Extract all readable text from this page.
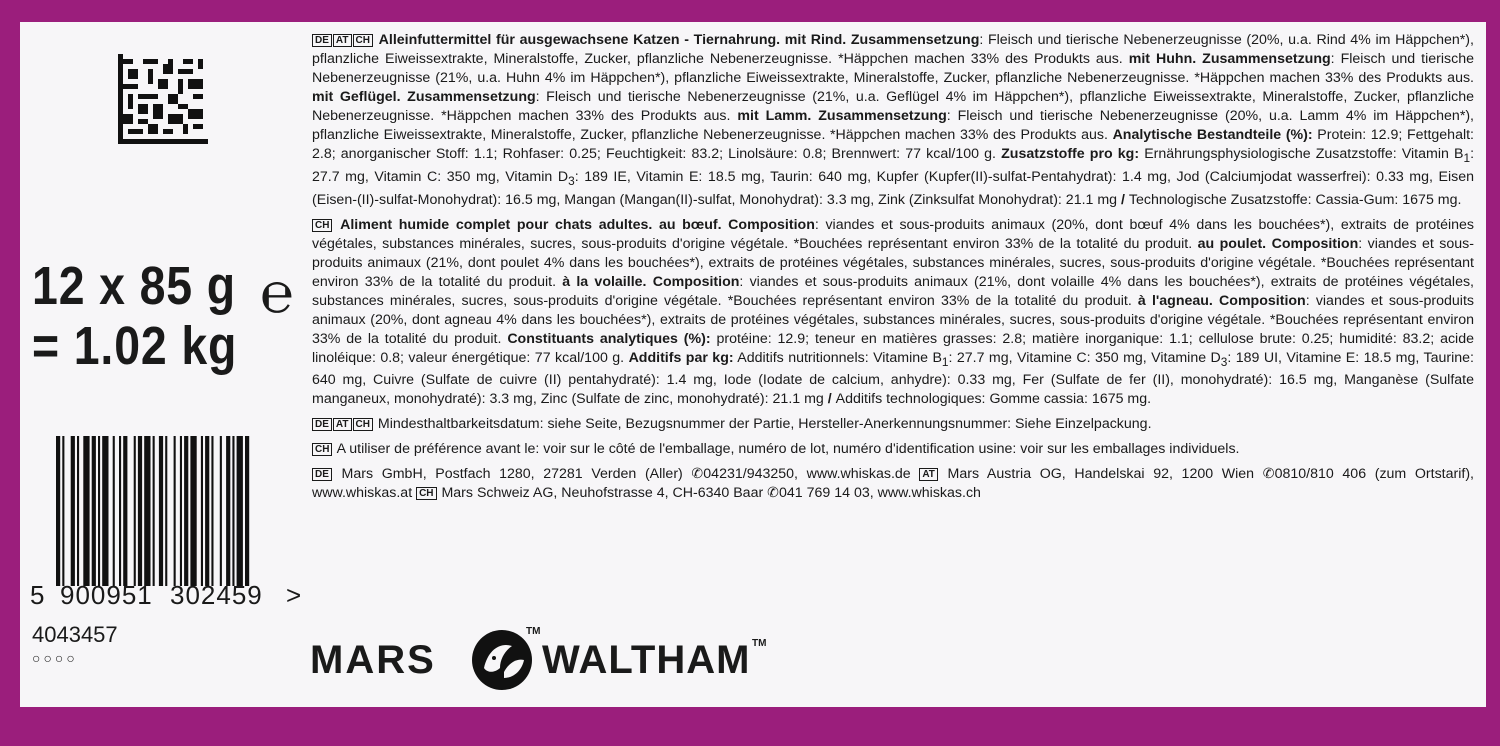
12 x 85 g ℮
= 1.02 kg
5 900951 302459 >
4043457
○○○○

DE AT CH Alleinfuttermittel für ausgewachsene Katzen - Tiernahrung. mit Rind. Zusammensetzung: Fleisch und tierische Nebenerzeugnisse (20%, u.a. Rind 4% im Häppchen*), pflanzliche Eiweissextrakte, Mineralstoffe, Zucker, pflanzliche Nebenerzeugnisse. *Häppchen machen 33% des Produkts aus. mit Huhn. Zusammensetzung: Fleisch und tierische Nebenerzeugnisse (21%, u.a. Huhn 4% im Häppchen*), pflanzliche Eiweissextrakte, Mineralstoffe, Zucker, pflanzliche Nebenerzeugnisse. *Häppchen machen 33% des Produkts aus. mit Geflügel. Zusammensetzung: Fleisch und tierische Nebenerzeugnisse (21%, u.a. Geflügel 4% im Häppchen*), pflanzliche Eiweissextrakte, Mineralstoffe, Zucker, pflanzliche Nebenerzeugnisse. *Häppchen machen 33% des Produkts aus. mit Lamm. Zusammensetzung: Fleisch und tierische Nebenerzeugnisse (20%, u.a. Lamm 4% im Häppchen*), pflanzliche Eiweissextrakte, Mineralstoffe, Zucker, pflanzliche Nebenerzeugnisse. *Häppchen machen 33% des Produkts aus. Analytische Bestandteile (%): Protein: 12.9; Fettgehalt: 2.8; anorganischer Stoff: 1.1; Rohfaser: 0.25; Feuchtigkeit: 83.2; Linolsäure: 0.8; Brennwert: 77 kcal/100 g. Zusatzstoffe pro kg: Ernährungsphysiologische Zusatzstoffe: Vitamin $B_1$: 27.7 mg, Vitamin C: 350 mg, Vitamin $D_3$: 189 IE, Vitamin E: 18.5 mg, Taurin: 640 mg, Kupfer (Kupfer(II)-sulfat-Pentahydrat): 1.4 mg, Jod (Calciumjodat wasserfrei): 0.33 mg, Eisen (Eisen-(II)-sulfat-Monohydrat): 16.5 mg, Mangan (Mangan(II)-sulfat, Monohydrat): 3.3 mg, Zink (Zinksulfat Monohydrat): 21.1 mg / Technologische Zusatzstoffe: Cassia-Gum: 1675 mg.

CH Aliment humide complet pour chats adultes. au bœuf. Composition: viandes et sous-produits animaux (20%, dont bœuf 4% dans les bouchées*), extraits de protéines végétales, substances minérales, sucres, sous-produits d'origine végétale. *Bouchées représentant environ 33% de la totalité du produit. au poulet. Composition: viandes et sous-produits animaux (21%, dont poulet 4% dans les bouchées*), extraits de protéines végétales, substances minérales, sucres, sous-produits d'origine végétale. *Bouchées représentant environ 33% de la totalité du produit. à la volaille. Composition: viandes et sous-produits animaux (21%, dont volaille 4% dans les bouchées*), extraits de protéines végétales, substances minérales, sucres, sous-produits d'origine végétale. *Bouchées représentant environ 33% de la totalité du produit. à l'agneau. Composition: viandes et sous-produits animaux (20%, dont agneau 4% dans les bouchées*), extraits de protéines végétales, substances minérales, sucres, sous-produits d'origine végétale. *Bouchées représentant environ 33% de la totalité du produit. Constituants analytiques (%): protéine: 12.9; teneur en matières grasses: 2.8; matière inorganique: 1.1; cellulose brute: 0.25; humidité: 83.2; acide linoléique: 0.8; valeur énergétique: 77 kcal/100 g. Additifs par kg: Additifs nutritionnels: Vitamine $B_1$: 27.7 mg, Vitamine C: 350 mg, Vitamine $D_3$: 189 UI, Vitamine E: 18.5 mg, Taurine: 640 mg, Cuivre (Sulfate de cuivre (II) pentahydraté): 1.4 mg, Iode (Iodate de calcium, anhydre): 0.33 mg, Fer (Sulfate de fer (II), monohydraté): 16.5 mg, Manganèse (Sulfate manganeux, monohydraté): 3.3 mg, Zinc (Sulfate de zinc, monohydraté): 21.1 mg / Additifs technologiques: Gomme cassia: 1675 mg.

DE AT CH Mindesthaltbarkeitsdatum: siehe Seite, Bezugsnummer der Partie, Hersteller-Anerkennungsnummer: Siehe Einzelpackung.

CH A utiliser de préférence avant le: voir sur le côté de l'emballage, numéro de lot, numéro d'identification usine: voir sur les emballages individuels.

DE Mars GmbH, Postfach 1280, 27281 Verden (Aller) ✆04231/943250, www.whiskas.de AT Mars Austria OG, Handelskai 92, 1200 Wien ✆0810/810 406 (zum Ortstarif), www.whiskas.at CH Mars Schweiz AG, Neuhofstrasse 4, CH-6340 Baar ✆041 769 14 03, www.whiskas.ch

MARS
TM
WALTHAM TM
